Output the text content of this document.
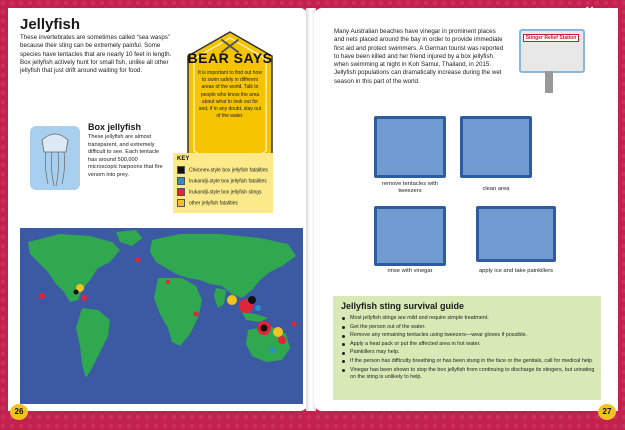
Jellyfish
These invertebrates are sometimes called “sea wasps” because their sting can be extremely painful. Some species have tentacles that are nearly 10 feet in length. Box jellyfish actively hunt for small fish, unlike all other jellyfish that just drift around waiting for food.
BEAR SAYS
It is important to find out how to swim safely in different areas of the world. Talk to people who know the area about what to look out for and, if in any doubt, stay out of the water.
Box jellyfish
These jellyfish are almost transparent, and extremely difficult to see. Each tentacle has around 500,000 microscopic harpoons that fire venom into prey.
KEY
Chironex-style box jellyfish fatalities
Irukandji-style box jellyfish fatalities
Irukandji-style box jellyfish stings
other jellyfish fatalities
26
✕ Bear
Grylls
Many Australian beaches have vinegar in prominent places and nets placed around the bay in order to provide immediate first aid and protect swimmers. A German tourist was reported to have been killed and her friend injured by a box jellyfish when swimming at night in Koh Samui, Thailand, in 2015. Jellyfish populations can dramatically increase during the wet season in this part of the world.
Stinger Relief Station
remove tentacles with tweezers	clean area
rinse with vinegar	apply ice and take painkillers
Jellyfish sting survival guide
Most jellyfish stings are mild and require simple treatment.
Get the person out of the water.
Remove any remaining tentacles using tweezers—wear gloves if possible.
Apply a heat pack or put the affected area in hot water.
Painkillers may help.
If the person has difficulty breathing or has been stung in the face or the genitals, call for medical help.
Vinegar has been shown to stop the box jellyfish from continuing to discharge its stingers, but urinating on the sting is unlikely to help.
27
